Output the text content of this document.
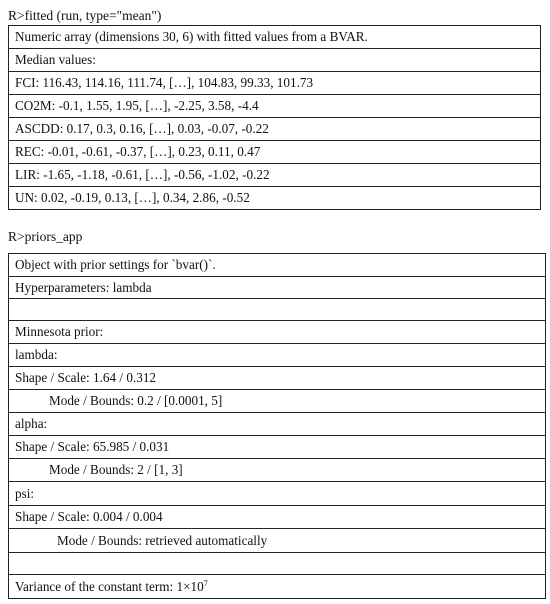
R>fitted (run, type="mean")
Numeric array (dimensions 30, 6) with fitted values from a BVAR.
Median values:
FCI: 116.43, 114.16, 111.74, […], 104.83, 99.33, 101.73
CO2M: -0.1, 1.55, 1.95, […], -2.25, 3.58, -4.4
ASCDD: 0.17, 0.3, 0.16, […], 0.03, -0.07, -0.22
REC: -0.01, -0.61, -0.37, […], 0.23, 0.11, 0.47
LIR: -1.65, -1.18, -0.61, […], -0.56, -1.02, -0.22
UN: 0.02, -0.19, 0.13, […], 0.34, 2.86, -0.52
R>priors_app
Object with prior settings for `bvar()`.
Hyperparameters: lambda
Minnesota prior:
lambda:
Shape / Scale: 1.64 / 0.312
Mode / Bounds: 0.2 / [0.0001, 5]
alpha:
Shape / Scale: 65.985 / 0.031
Mode / Bounds: 2 / [1, 3]
psi:
Shape / Scale: 0.004 / 0.004
Mode / Bounds: retrieved automatically
Variance of the constant term: $1\times 10^7$
